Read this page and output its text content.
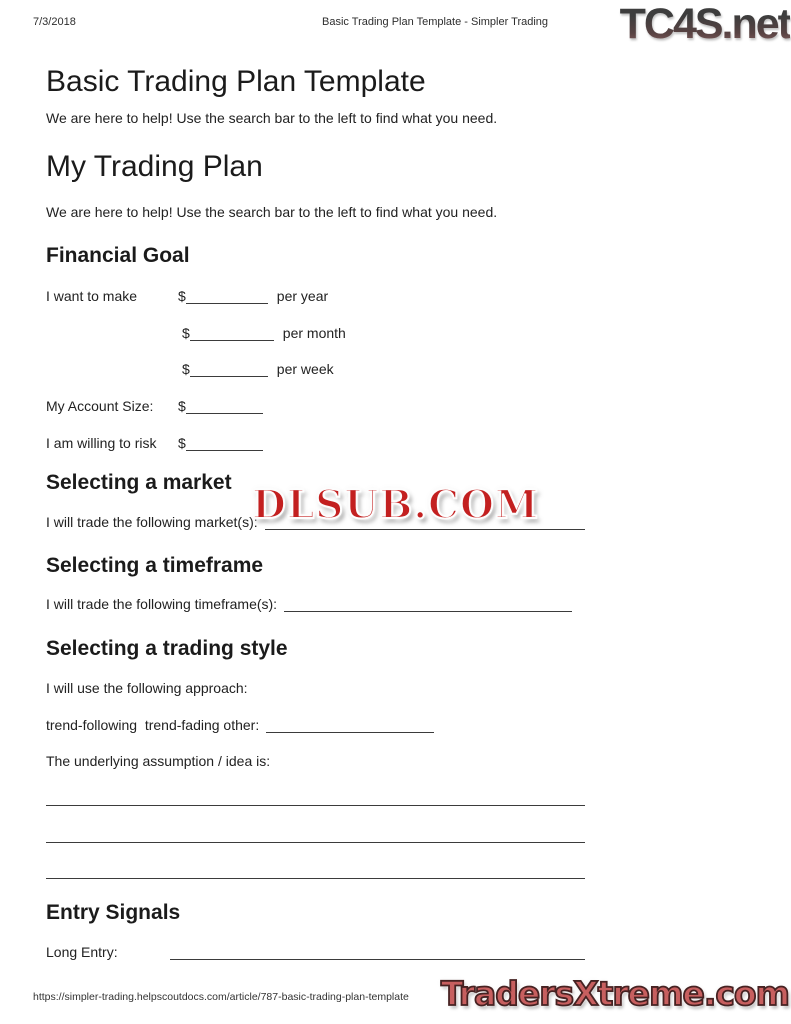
7/3/2018	Basic Trading Plan Template - Simpler Trading TC4S.net
Basic Trading Plan Template
We are here to help! Use the search bar to the left to find what you need.
My Trading Plan
We are here to help! Use the search bar to the left to find what you need.
Financial Goal
I want to make	$	per year
$	per month
$	per week
My Account Size: $
I am willing to risk $
Selecting a market
I will trade the following market(s):
DLSUB.COM
Selecting a timeframe
I will trade the following timeframe(s):
Selecting a trading style
I will use the following approach:
trend-following  trend-fading other:
The underlying assumption / idea is:
Entry Signals
Long Entry:
https://simpler-trading.helpscoutdocs.com/article/787-basic-trading-plan-template TradersXtreme.com
